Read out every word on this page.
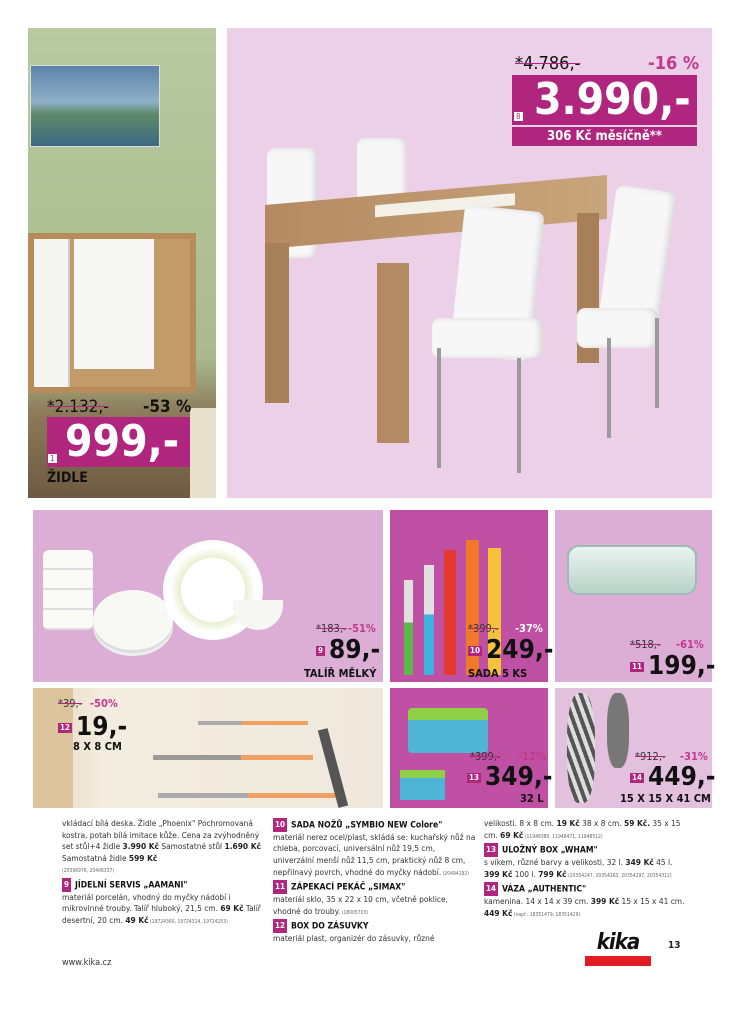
*2.132,- -53 %
1 999,-
ŽIDLE
*4.786,-	-16 %
8 3.990,-
306 Kč měsíčně**
*183,- -51%
9 89,-
TALÍŘ MĚLKÝ
*399,- -37%
10 249,-
SADA 5 KS
*518,- -61%
11 199,-
*39,- -50%
12 19,-
8 X 8 CM
*399,- -12%
13 349,-
32 L
*912,- -31%
14 449,-
15 X 15 X 41 CM
vkládací bílá deska. Židle „Phoenix" Pochromovaná kostra, potah bílá imitace kůže. Cena za zvýhodněný set stůl+4 židle 3.990 Kč Samostatné stůl 1.690 Kč Samostatná židle 599 Kč
(20396976, 20406337)
9 JÍDELNÍ SERVIS „AAMANI"
materiál porcelán, vhodný do myčky nádobí i mikrovlnné trouby. Talíř hluboký, 21,5 cm. 69 Kč Talíř desertní, 20 cm. 49 Kč (19724360, 19724314, 19724253)
10 SADA NOŽŮ „SYMBIO NEW Colore"
materiál nerez ocel/plast, skládá se: kuchařský nůž na chleba, porcovací, universální nůž 19,5 cm, univerzální menší nůž 11,5 cm, praktický nůž 8 cm, nepřilnavý povrch, vhodné do myčky nádobí. (20494192)
11 ZÁPEKACÍ PEKÁČ „SIMAX"
materiál sklo, 35 x 22 x 10 cm, včetně poklice, vhodné do trouby. (18005703)
12 BOX DO ZÁSUVKY
materiál plast, organizér do zásuvky, různé
velikosti. 8 x 8 cm. 19 Kč 38 x 8 cm. 59 Kč. 35 x 15 cm. 69 Kč (11948380, 11948471, 11948512)
13 ULOŽNÝ BOX „WHAM"
s víkem, různé barvy a velikosti, 32 l. 349 Kč 45 l. 399 Kč 100 l. 799 Kč (20354247, 20354263, 20354297, 20354312)
14 VÁZA „AUTHENTIC"
kamenina. 14 x 14 x 39 cm. 399 Kč 15 x 15 x 41 cm. 449 Kč (např.: 18351479, 18351429)
www.kika.cz
kika	13
